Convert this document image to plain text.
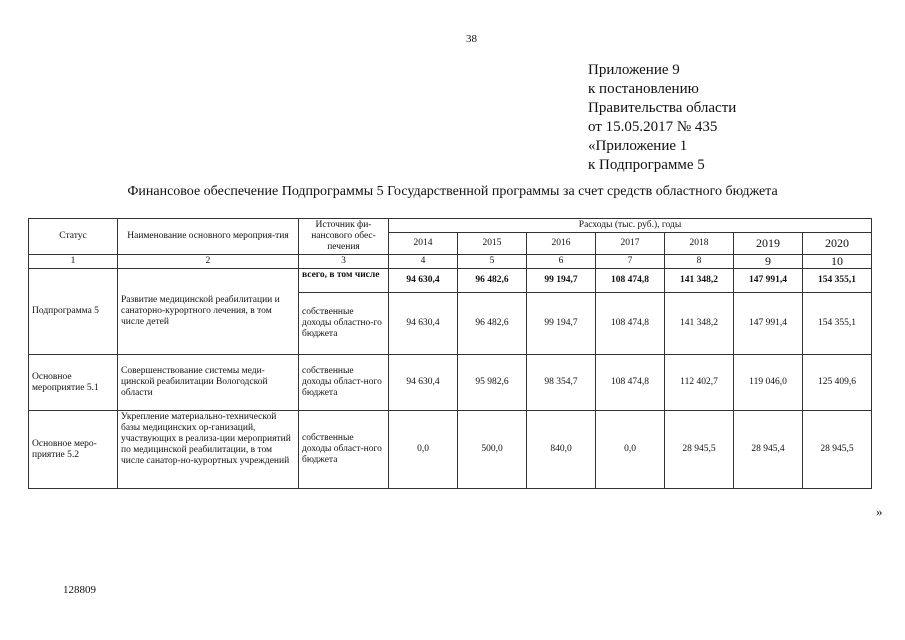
38
Приложение 9
к постановлению
Правительства области
от 15.05.2017 № 435
«Приложение 1
к Подпрограмме 5
Финансовое обеспечение Подпрограммы 5 Государственной программы за счет средств областного бюджета
Статус	Наименование основного мероприя-тия	Источник фи-нансового обес-печения	Расходы (тыс. руб.), годы						
			2014	2015	2016	2017	2018	2019	2020
1	2	3	4	5	6	7	8	9	10
Подпрограмма 5	Развитие медицинской реабилитации и санаторно-курортного лечения, в том числе детей	всего, в том числе	94 630,4	96 482,6	99 194,7	108 474,8	141 348,2	147 991,4	154 355,1
		собственные доходы областно-го бюджета	94 630,4	96 482,6	99 194,7	108 474,8	141 348,2	147 991,4	154 355,1
Основное мероприятие 5.1	Совершенствование системы меди-цинской реабилитации Вологодской области	собственные доходы област-ного бюджета	94 630,4	95 982,6	98 354,7	108 474,8	112 402,7	119 046,0	125 409,6
Основное меро-приятие 5.2	Укрепление материально-технической базы медицинских ор-ганизаций, участвующих в реализа-ции мероприятий по медицинской реабилитации, в том числе санатор-но-курортных учреждений	собственные доходы област-ного бюджета	0,0	500,0	840,0	0,0	28 945,5	28 945,4	28 945,5
»
128809
